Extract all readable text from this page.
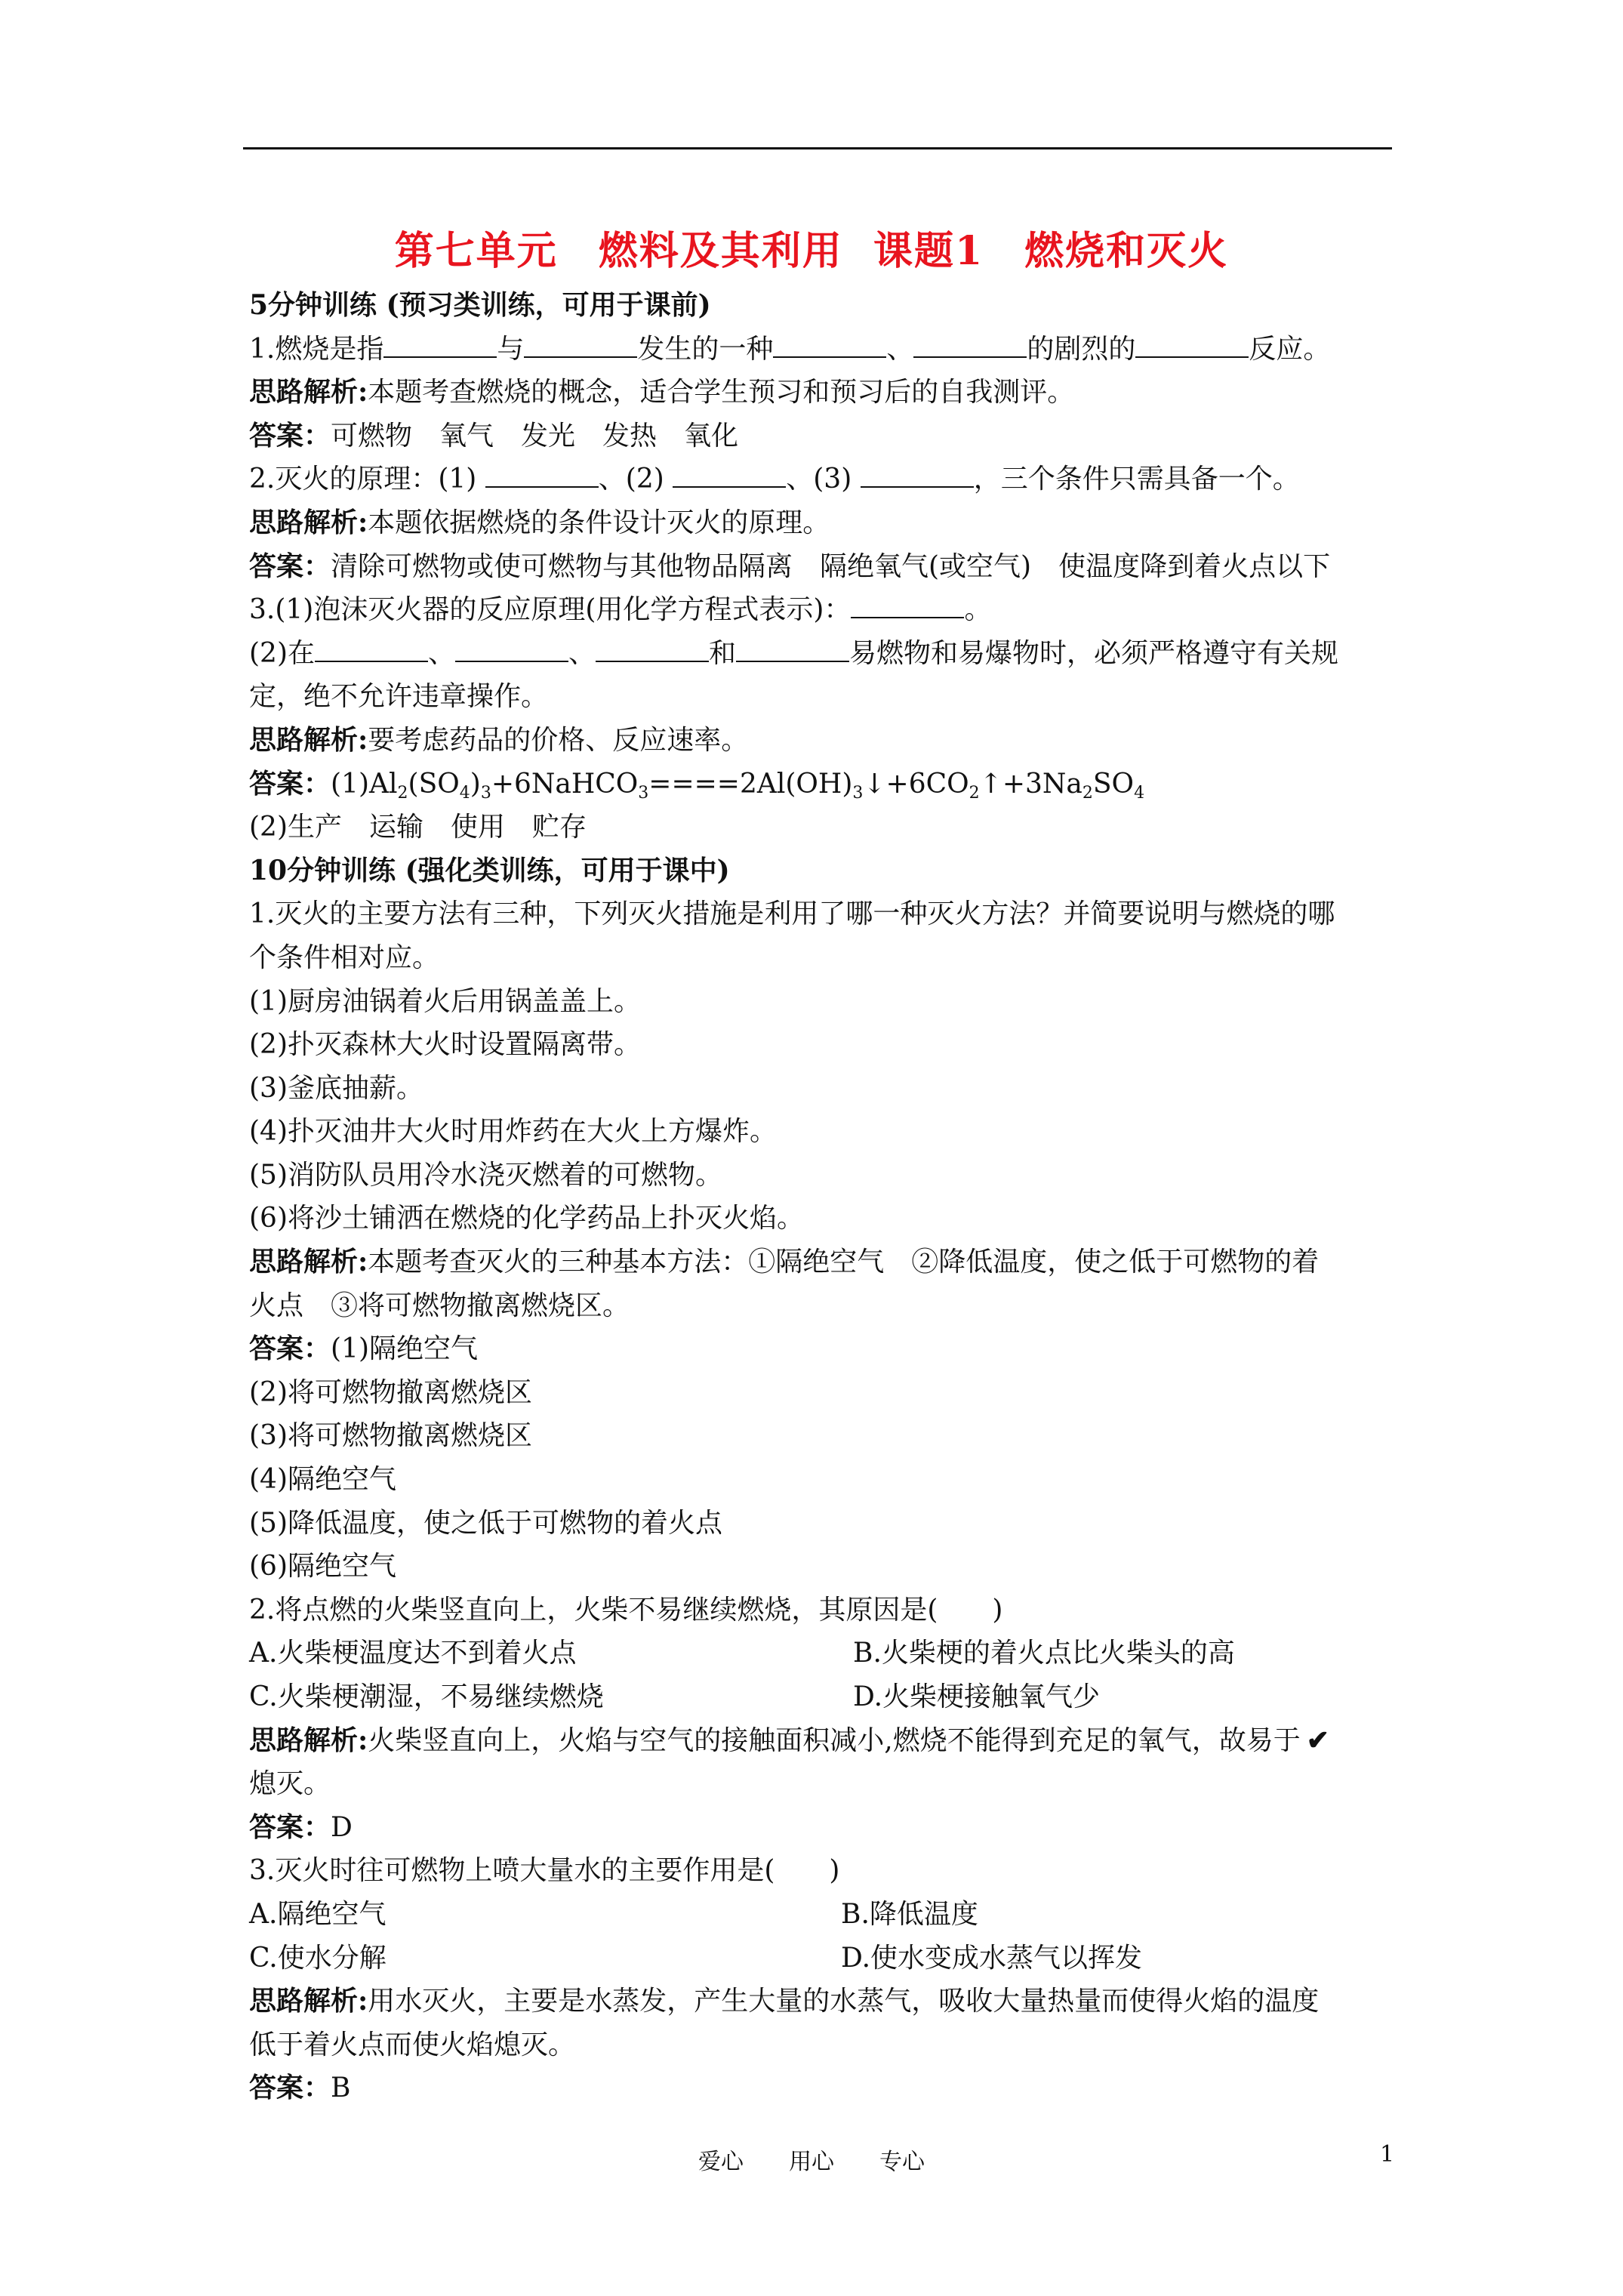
第七单元　燃料及其利用  课题1　燃烧和灭火
5分钟训练 (预习类训练，可用于课前)
1.燃烧是指	与	发生的一种	、	的剧烈的	反应。
思路解析:本题考查燃烧的概念，适合学生预习和预习后的自我测评。
答案：可燃物　氧气　发光　发热　氧化
2.灭火的原理：(1)	、(2)	、(3)	，三个条件只需具备一个。
思路解析:本题依据燃烧的条件设计灭火的原理。
答案：清除可燃物或使可燃物与其他物品隔离　隔绝氧气(或空气)　使温度降到着火点以下
3.(1)泡沫灭火器的反应原理(用化学方程式表示)：	。
(2)在	、	、	和	易燃物和易爆物时，必须严格遵守有关规
定，绝不允许违章操作。
思路解析:要考虑药品的价格、反应速率。
答案：$(1)Al_2(SO_4)_3+6NaHCO_3====2Al(OH)_3↓+6CO_2↑+3Na_2SO_4$
(2)生产　运输　使用　贮存
10分钟训练 (强化类训练，可用于课中)
1.灭火的主要方法有三种，下列灭火措施是利用了哪一种灭火方法？并简要说明与燃烧的哪
个条件相对应。
(1)厨房油锅着火后用锅盖盖上。
(2)扑灭森林大火时设置隔离带。
(3)釜底抽薪。
(4)扑灭油井大火时用炸药在大火上方爆炸。
(5)消防队员用冷水浇灭燃着的可燃物。
(6)将沙土铺洒在燃烧的化学药品上扑灭火焰。
思路解析:本题考查灭火的三种基本方法：①隔绝空气　②降低温度，使之低于可燃物的着
火点　③将可燃物撤离燃烧区。
答案：(1)隔绝空气
(2)将可燃物撤离燃烧区
(3)将可燃物撤离燃烧区
(4)隔绝空气
(5)降低温度，使之低于可燃物的着火点
(6)隔绝空气
2.将点燃的火柴竖直向上，火柴不易继续燃烧，其原因是(　　)
A.火柴梗温度达不到着火点	B.火柴梗的着火点比火柴头的高
C.火柴梗潮湿，不易继续燃烧	D.火柴梗接触氧气少
思路解析:火柴竖直向上，火焰与空气的接触面积减小,燃烧不能得到充足的氧气，故易于 ✔
熄灭。
答案：D
3.灭火时往可燃物上喷大量水的主要作用是(　　)
A.隔绝空气	B.降低温度
C.使水分解	D.使水变成水蒸气以挥发
思路解析:用水灭火，主要是水蒸发，产生大量的水蒸气，吸收大量热量而使得火焰的温度
低于着火点而使火焰熄灭。
答案：B
爱心　　用心　　专心	1
